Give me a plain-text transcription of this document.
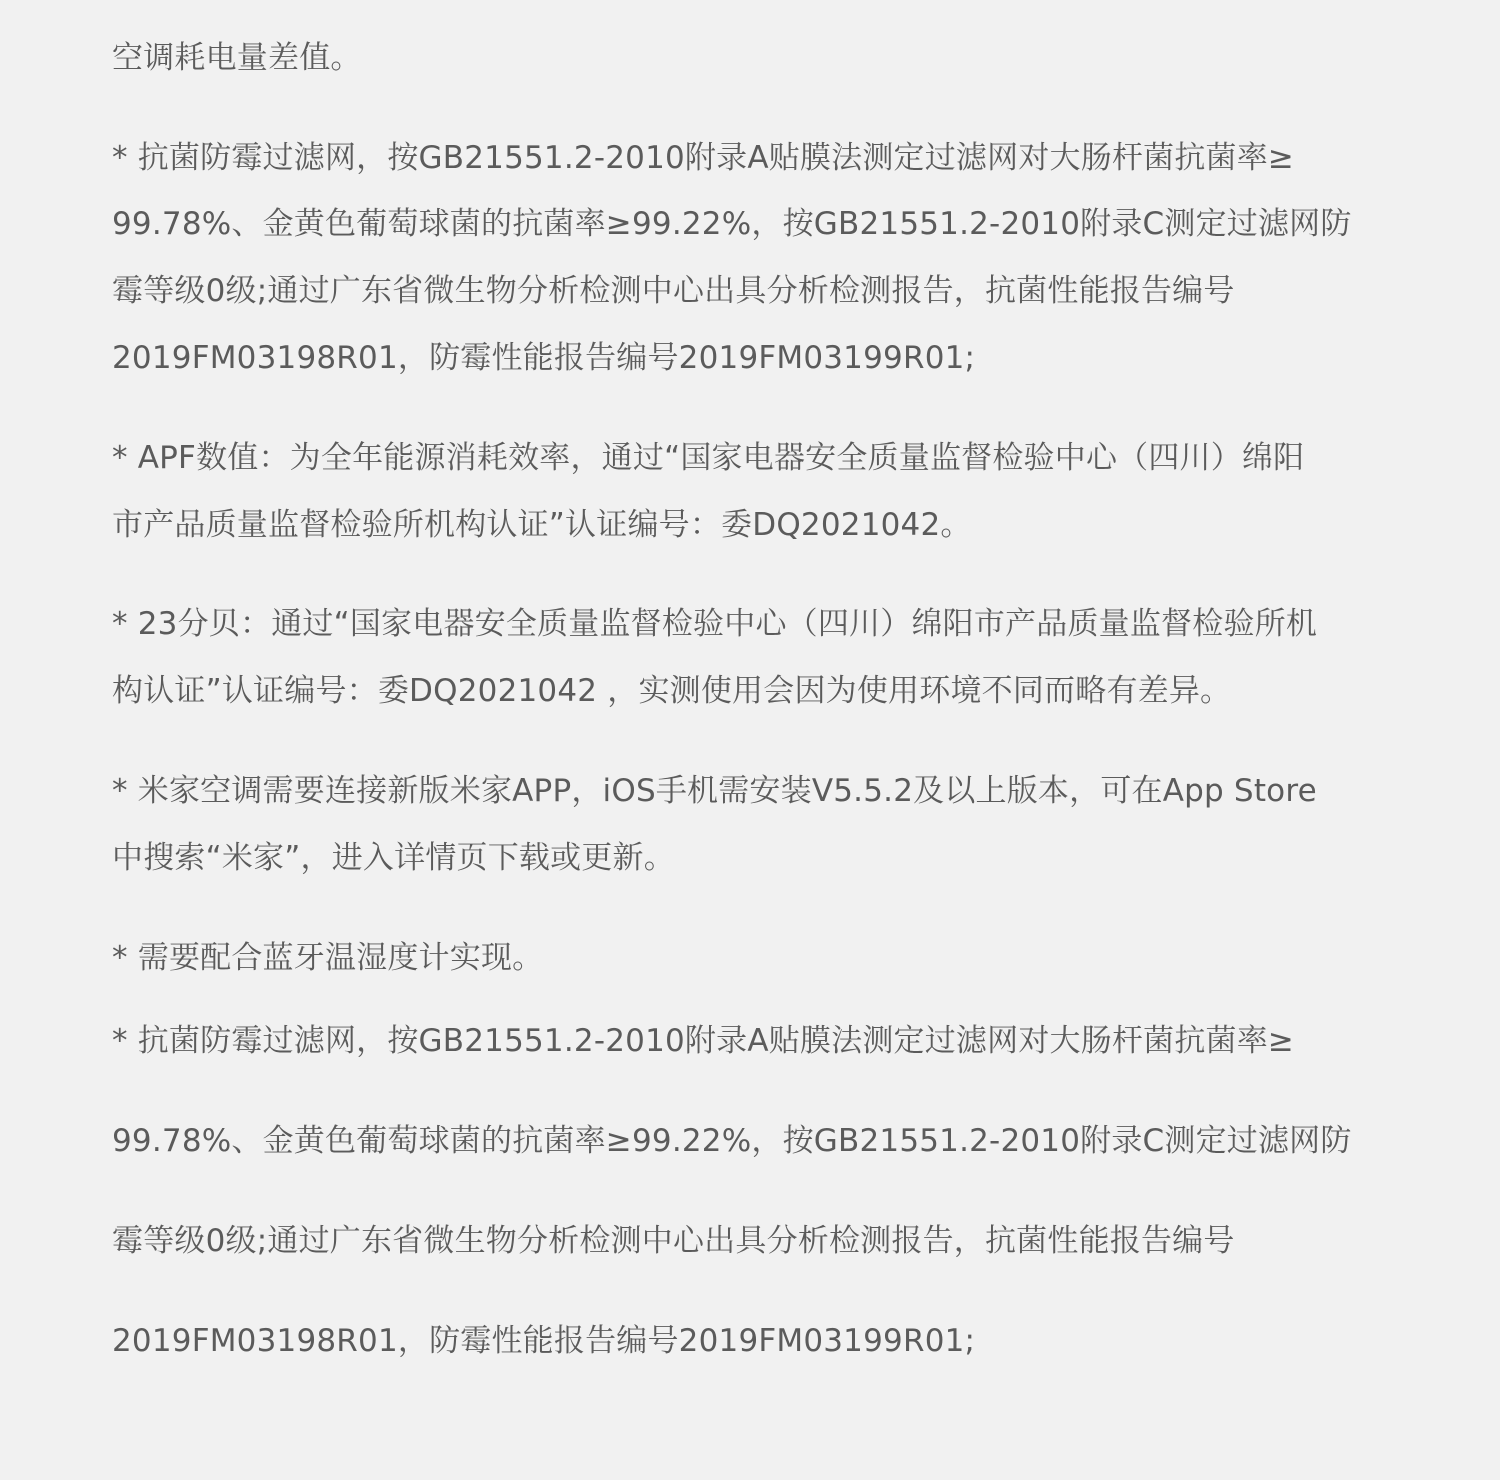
空调耗电量差值。
* 抗菌防霉过滤网，按GB21551.2-2010附录A贴膜法测定过滤网对大肠杆菌抗菌率≥
99.78%、金黄色葡萄球菌的抗菌率≥99.22%，按GB21551.2-2010附录C测定过滤网防
霉等级0级;通过广东省微生物分析检测中心出具分析检测报告，抗菌性能报告编号
2019FM03198R01，防霉性能报告编号2019FM03199R01;
* APF数值：为全年能源消耗效率，通过“国家电器安全质量监督检验中心（四川）绵阳
市产品质量监督检验所机构认证”认证编号：委DQ2021042。
* 23分贝：通过“国家电器安全质量监督检验中心（四川）绵阳市产品质量监督检验所机
构认证”认证编号：委DQ2021042 ，实测使用会因为使用环境不同而略有差异。
* 米家空调需要连接新版米家APP，iOS手机需安装V5.5.2及以上版本，可在App Store
中搜索“米家”，进入详情页下载或更新。
* 需要配合蓝牙温湿度计实现。
* 抗菌防霉过滤网，按GB21551.2-2010附录A贴膜法测定过滤网对大肠杆菌抗菌率≥
99.78%、金黄色葡萄球菌的抗菌率≥99.22%，按GB21551.2-2010附录C测定过滤网防
霉等级0级;通过广东省微生物分析检测中心出具分析检测报告，抗菌性能报告编号
2019FM03198R01，防霉性能报告编号2019FM03199R01;
